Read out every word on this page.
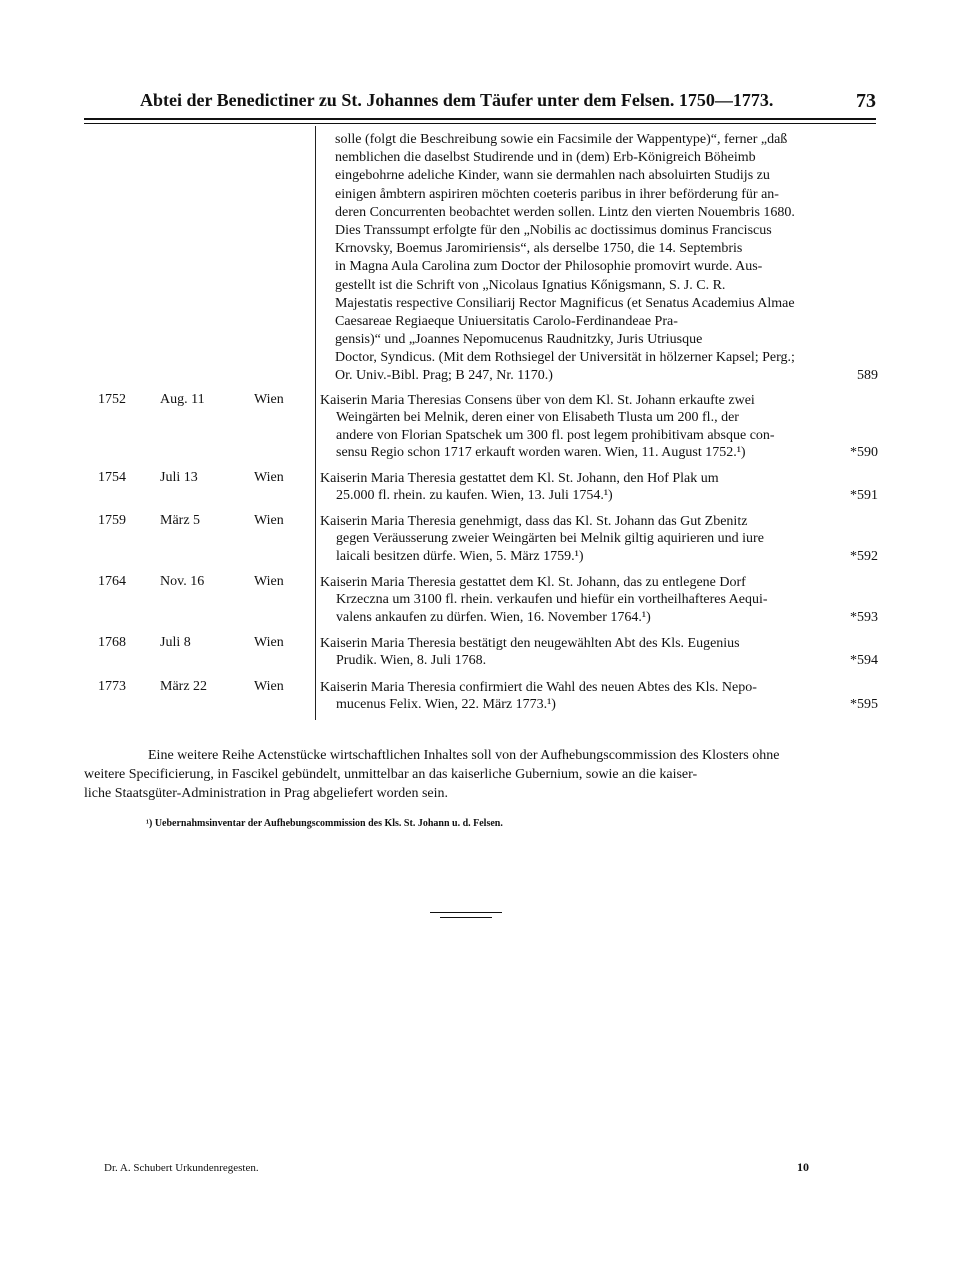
Abtei der Benedictiner zu St. Johannes dem Täufer unter dem Felsen. 1750—1773.	73
solle (folgt die Beschreibung sowie ein Facsimile der Wappentype)“, ferner „daß
nemblichen die daselbst Studirende und in (dem) Erb-Königreich Böheimb
eingebohrne adeliche Kinder, wann sie dermahlen nach absoluirten Studijs zu
einigen åmbtern aspiriren möchten coeteris paribus in ihrer beförderung für an-
deren Concurrenten beobachtet werden sollen. Lintz den vierten Nouembris 1680.
Dies Transsumpt erfolgte für den „Nobilis ac doctissimus dominus Franciscus
Krnovsky, Boemus Jaromiriensis“, als derselbe 1750, die 14. Septembris
in Magna Aula Carolina zum Doctor der Philosophie promovirt wurde. Aus-
gestellt ist die Schrift von „Nicolaus Ignatius Kőnigsmann, S. J. C. R.
Majestatis respective Consiliarij Rector Magnificus (et Senatus Academius Almae
Caesareae Regiaeque Uniuersitatis Carolo-Ferdinandeae Pra-
gensis)“ und „Joannes Nepomucenus Raudnitzky, Juris Utriusque
Doctor, Syndicus. (Mit dem Rothsiegel der Universität in hölzerner Kapsel; Perg.;
Or. Univ.-Bibl. Prag; B 247, Nr. 1170.)	589
1752 Aug. 11	Wien	Kaiserin Maria Theresias Consens über von dem Kl. St. Johann erkaufte zwei
Weingärten bei Melnik, deren einer von Elisabeth Tlusta um 200 fl., der
andere von Florian Spatschek um 300 fl. post legem prohibitivam absque con-
sensu Regio schon 1717 erkauft worden waren. Wien, 11. August 1752.¹)	*590
1754 Juli 13	Wien	Kaiserin Maria Theresia gestattet dem Kl. St. Johann, den Hof Plak um
25.000 fl. rhein. zu kaufen. Wien, 13. Juli 1754.¹)	*591
1759 März 5	Wien	Kaiserin Maria Theresia genehmigt, dass das Kl. St. Johann das Gut Zbenitz
gegen Veräusserung zweier Weingärten bei Melnik giltig aquirieren und iure
laicali besitzen dürfe. Wien, 5. März 1759.¹)	*592
1764 Nov. 16	Wien	Kaiserin Maria Theresia gestattet dem Kl. St. Johann, das zu entlegene Dorf
Krzeczna um 3100 fl. rhein. verkaufen und hiefür ein vortheilhafteres Aequi-
valens ankaufen zu dürfen. Wien, 16. November 1764.¹)	*593
1768 Juli 8	Wien	Kaiserin Maria Theresia bestätigt den neugewählten Abt des Kls. Eugenius
Prudik. Wien, 8. Juli 1768.	*594
1773 März 22	Wien	Kaiserin Maria Theresia confirmiert die Wahl des neuen Abtes des Kls. Nepo-
mucenus Felix. Wien, 22. März 1773.¹)	*595
Eine weitere Reihe Actenstücke wirtschaftlichen Inhaltes soll von der Aufhebungscommission des Klosters ohne
weitere Specificierung, in Fascikel gebündelt, unmittelbar an das kaiserliche Gubernium, sowie an die kaiser-
liche Staatsgüter-Administration in Prag abgeliefert worden sein.
¹) Uebernahmsinventar der Aufhebungscommission des Kls. St. Johann u. d. Felsen.
Dr. A. Schubert Urkundenregesten.	10
